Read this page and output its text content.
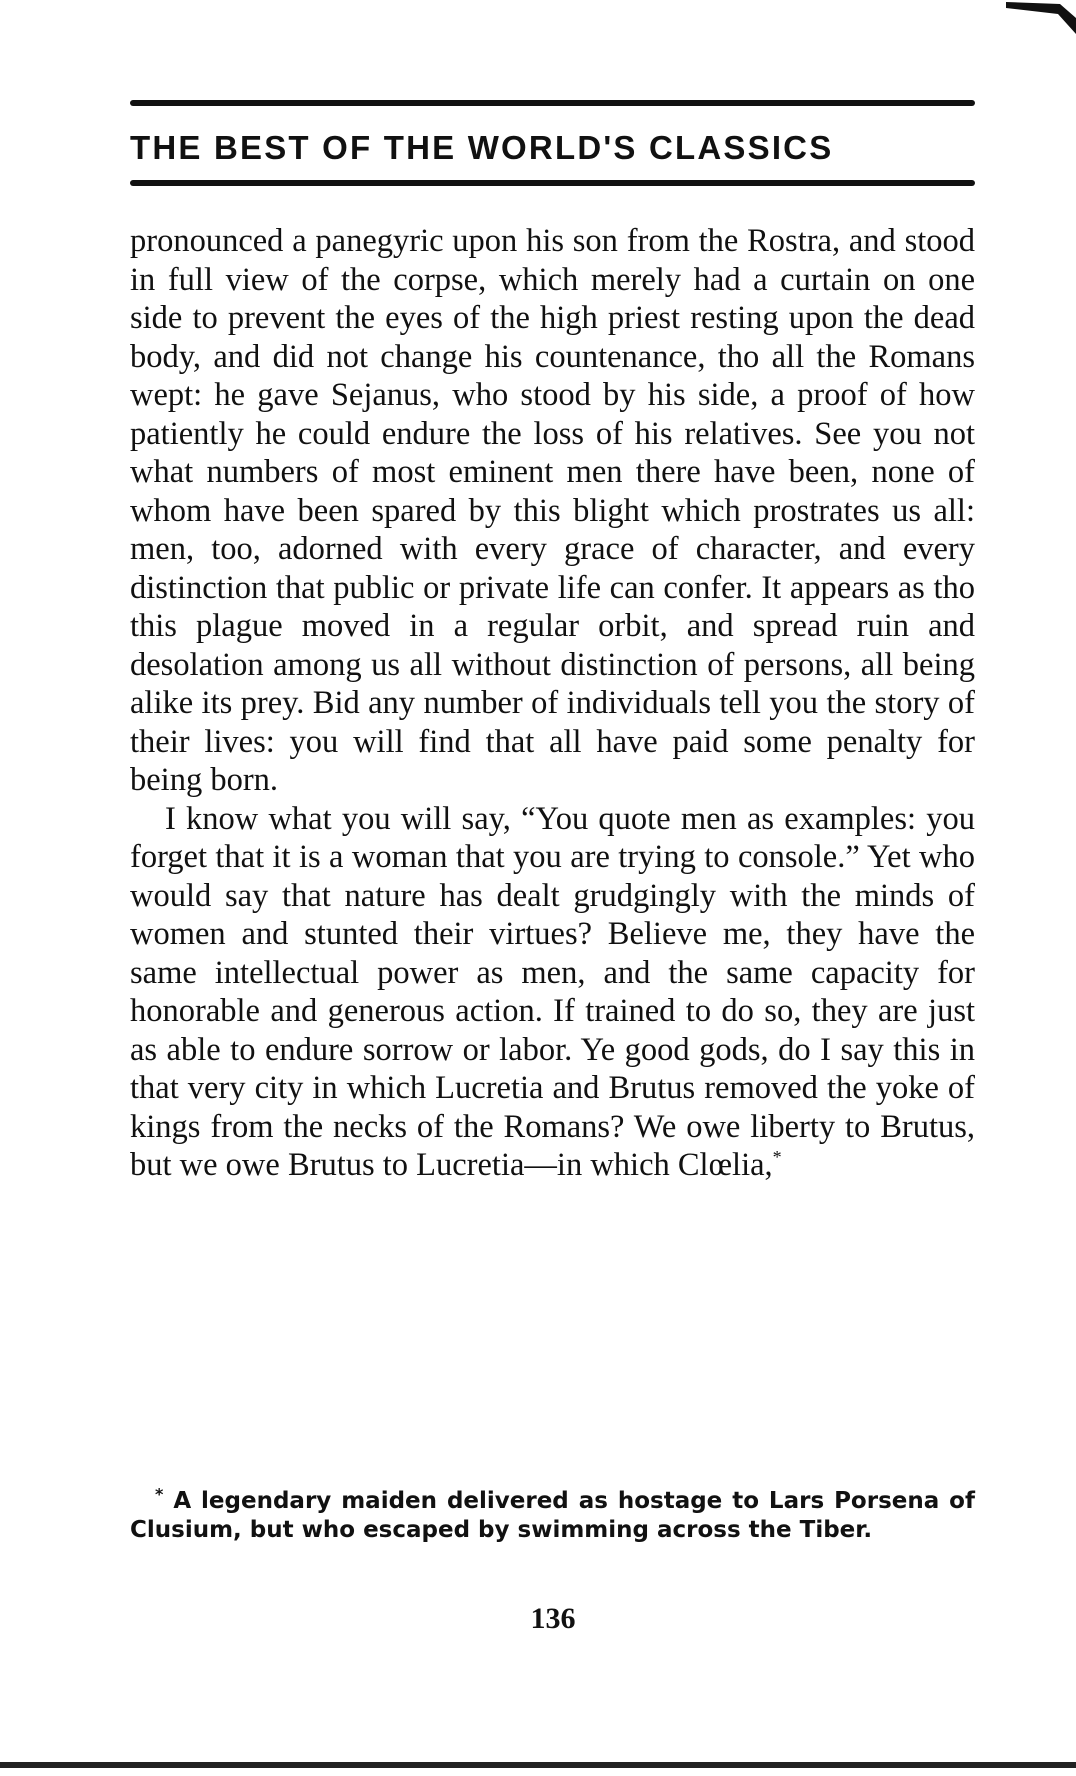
THE BEST OF THE WORLD'S CLASSICS

pronounced a panegyric upon his son from the Rostra, and stood in full view of the corpse, which merely had a curtain on one side to prevent the eyes of the high priest resting upon the dead body, and did not change his countenance, tho all the Romans wept: he gave Sejanus, who stood by his side, a proof of how patiently he could endure the loss of his relatives. See you not what numbers of most eminent men there have been, none of whom have been spared by this blight which prostrates us all: men, too, adorned with every grace of character, and every distinction that public or private life can confer. It appears as tho this plague moved in a regular orbit, and spread ruin and desolation among us all without distinction of persons, all being alike its prey. Bid any number of individuals tell you the story of their lives: you will find that all have paid some penalty for being born.

I know what you will say, “You quote men as examples: you forget that it is a woman that you are trying to console.” Yet who would say that nature has dealt grudgingly with the minds of women and stunted their virtues? Believe me, they have the same intellectual power as men, and the same capacity for honorable and generous action. If trained to do so, they are just as able to endure sorrow or labor. Ye good gods, do I say this in that very city in which Lucretia and Brutus removed the yoke of kings from the necks of the Romans? We owe liberty to Brutus, but we owe Brutus to Lucretia—in which Clœlia,*

* A legendary maiden delivered as hostage to Lars Porsena of Clusium, but who escaped by swimming across the Tiber.
136
